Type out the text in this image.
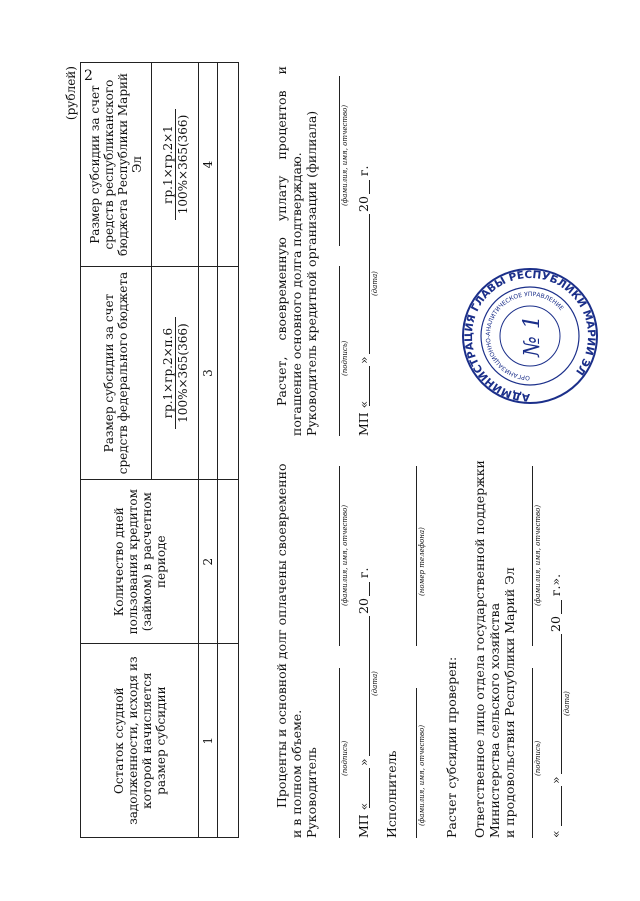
2
(рублей)
Остаток ссудной задолженности, исходя из которой начисляется размер субсидии	Количество дней пользования кредитом (займом) в расчетном периоде	Размер субсидии за счет средств федерального бюджета	Размер субсидии за счет средств республиканского бюджета Республики Марий Эл

		гр.1×гр.2×п.6 100%×365(366)	гр.1×гр.2×1 100%×365(366)

1	2	3	4

Проценты и основной долг оплачены своевременно и в полном объеме. Руководитель	(подпись)
(фамилия, имя, отчество)
МП «
»
(дата)
20
г.
Исполнитель	(фамилия, имя, отчество)
(номер телефона)
Расчет, своевременную уплату процентов и погашение основного долга подтверждаю. Руководитель кредитной организации (филиала)	(подпись)
(фамилия, имя, отчество)
МП «
»
(дата)
20
г.
Расчет субсидии проверен: Ответственное лицо отдела государственной поддержки Министерства сельского хозяйства и продовольствия Республики Марий Эл (подпись)
(фамилия, имя, отчество)
«
»
(дата)
20
г.».
АДМИНИСТРАЦИЯ ГЛАВЫ РЕСПУБЛИКИ МАРИЙ ЭЛ
ОРГАНИЗАЦИОННО-АНАЛИТИЧЕСКОЕ УПРАВЛЕНИЕ
№ 1
